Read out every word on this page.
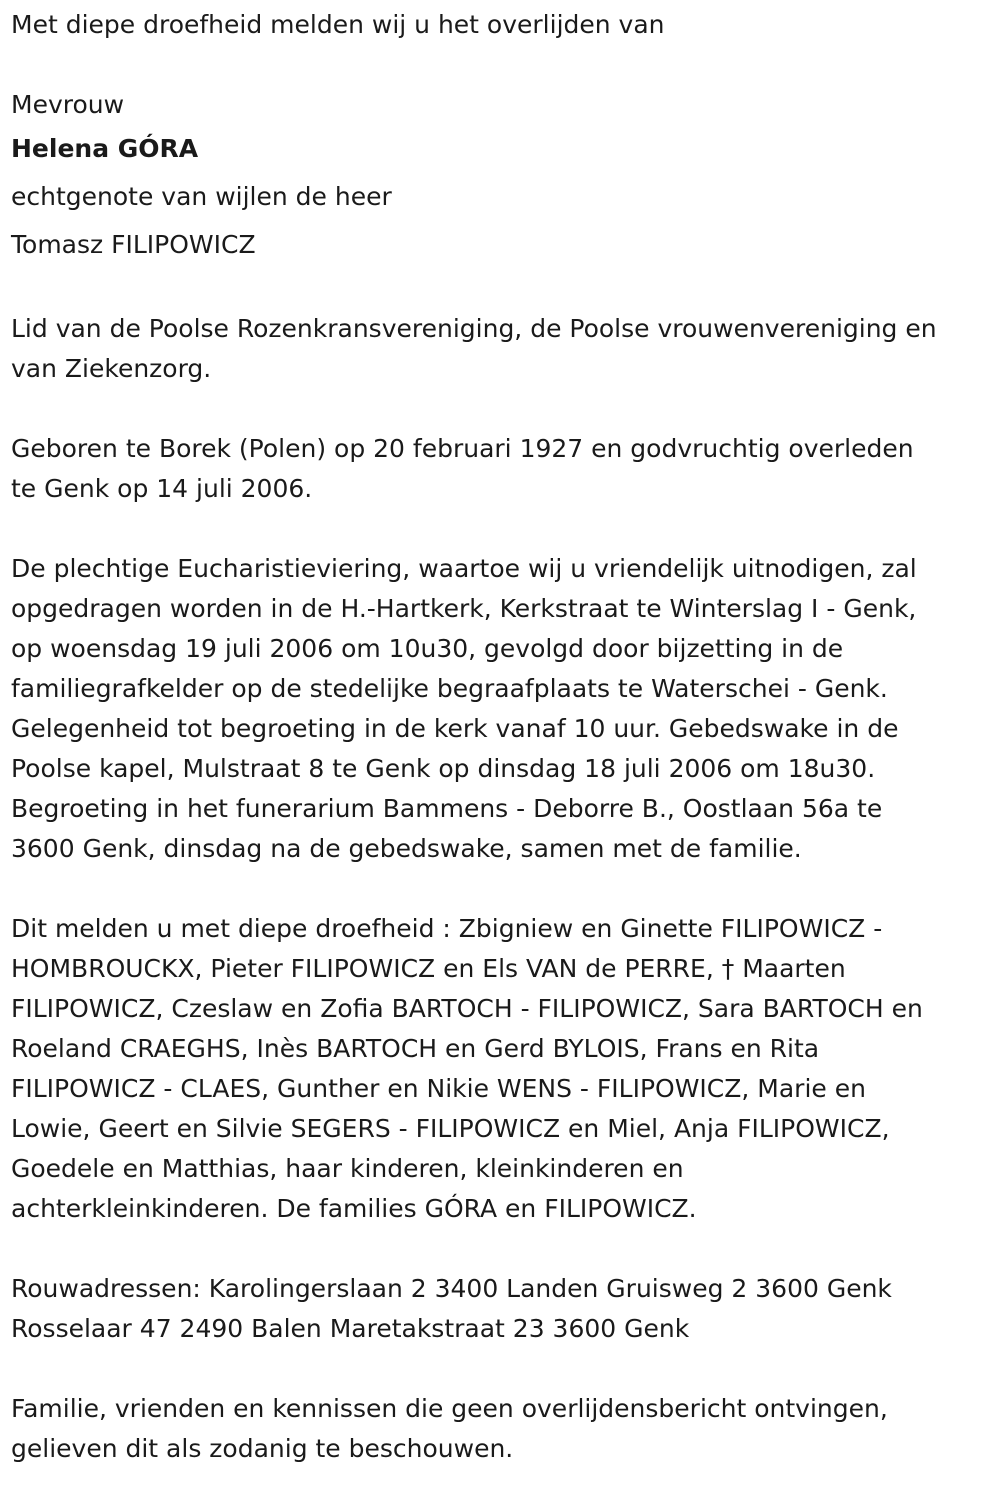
Met diepe droefheid melden wij u het overlijden van

Mevrouw

Helena GÓRA

echtgenote van wijlen de heer

Tomasz FILIPOWICZ

Lid van de Poolse Rozenkransvereniging, de Poolse vrouwenvereniging en

van Ziekenzorg.

Geboren te Borek (Polen) op 20 februari 1927 en godvruchtig overleden

te Genk op 14 juli 2006.

De plechtige Eucharistieviering, waartoe wij u vriendelijk uitnodigen, zal

opgedragen worden in de H.-Hartkerk, Kerkstraat te Winterslag I - Genk,

op woensdag 19 juli 2006 om 10u30, gevolgd door bijzetting in de

familiegrafkelder op de stedelijke begraafplaats te Waterschei - Genk.

Gelegenheid tot begroeting in de kerk vanaf 10 uur. Gebedswake in de

Poolse kapel, Mulstraat 8 te Genk op dinsdag 18 juli 2006 om 18u30.

Begroeting in het funerarium Bammens - Deborre B., Oostlaan 56a te

3600 Genk, dinsdag na de gebedswake, samen met de familie.

Dit melden u met diepe droefheid : Zbigniew en Ginette FILIPOWICZ -

HOMBROUCKX, Pieter FILIPOWICZ en Els VAN de PERRE, † Maarten

FILIPOWICZ, Czeslaw en Zofia BARTOCH - FILIPOWICZ, Sara BARTOCH en

Roeland CRAEGHS, Inès BARTOCH en Gerd BYLOIS, Frans en Rita

FILIPOWICZ - CLAES, Gunther en Nikie WENS - FILIPOWICZ, Marie en

Lowie, Geert en Silvie SEGERS - FILIPOWICZ en Miel, Anja FILIPOWICZ,

Goedele en Matthias, haar kinderen, kleinkinderen en

achterkleinkinderen. De families GÓRA en FILIPOWICZ.

Rouwadressen: Karolingerslaan 2 3400 Landen Gruisweg 2 3600 Genk

Rosselaar 47 2490 Balen Maretakstraat 23 3600 Genk

Familie, vrienden en kennissen die geen overlijdensbericht ontvingen,

gelieven dit als zodanig te beschouwen.
